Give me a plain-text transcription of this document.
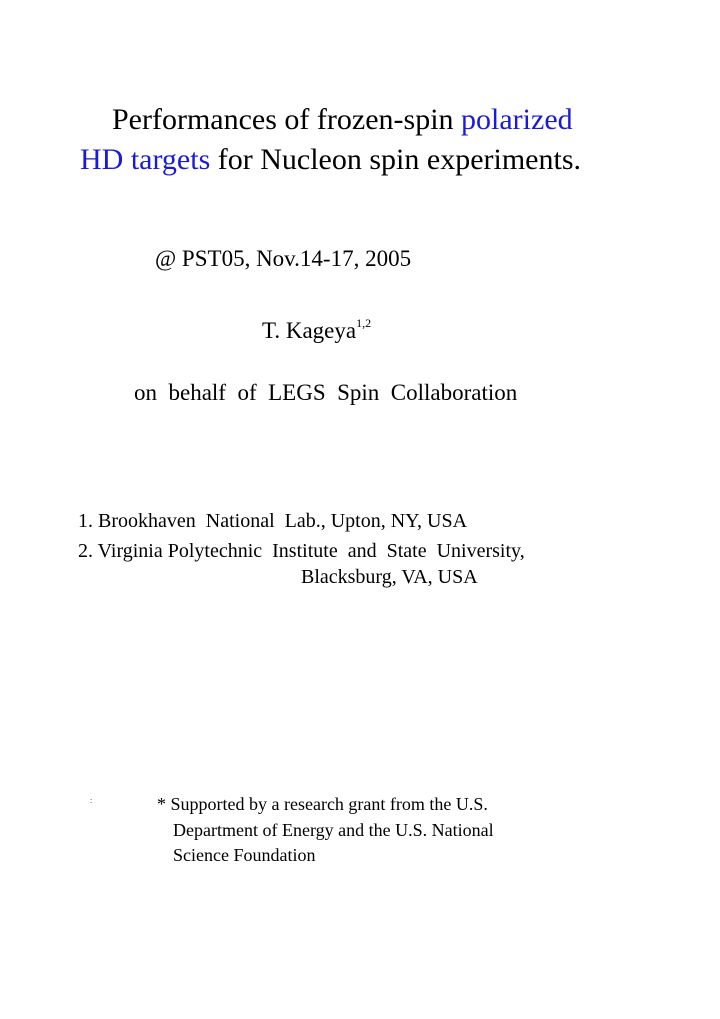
Performances of frozen-spin polarized
HD targets for Nucleon spin experiments.
@ PST05, Nov.14-17, 2005
T. Kageya$^{1,2}$
on  behalf  of  LEGS  Spin  Collaboration
1. Brookhaven  National  Lab., Upton, NY, USA
2. Virginia Polytechnic  Institute  and  State  University,
Blacksburg, VA, USA
:	* Supported by a research grant from the U.S.
Department of Energy and the U.S. National
Science Foundation
